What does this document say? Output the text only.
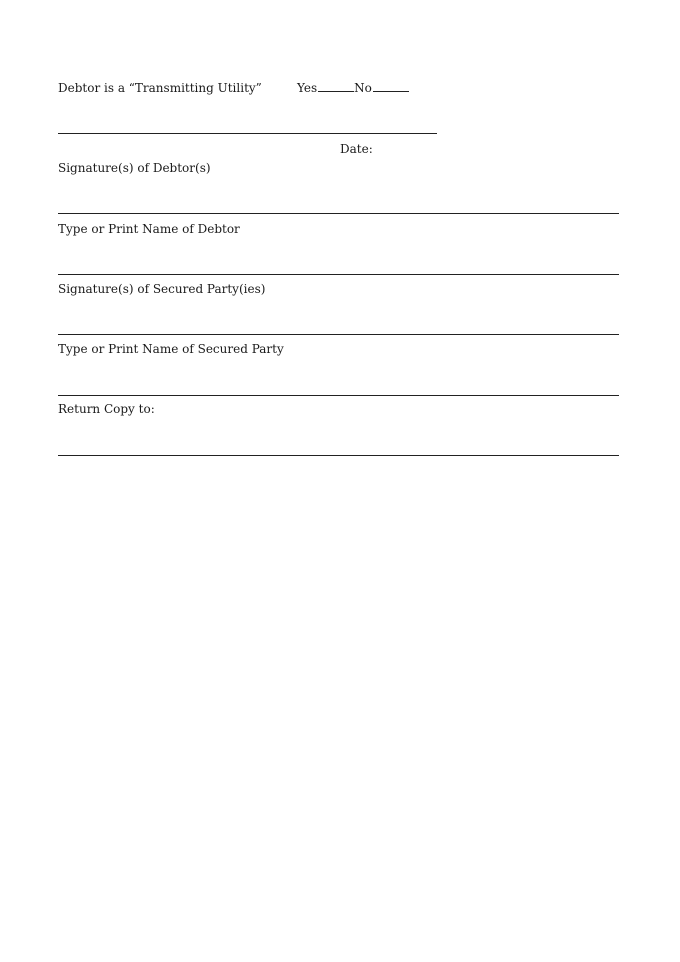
Debtor is a “Transmitting Utility”	Yes	No
Date:
Signature(s) of Debtor(s)
Type or Print Name of Debtor
Signature(s) of Secured Party(ies)
Type or Print Name of Secured Party
Return Copy to:
